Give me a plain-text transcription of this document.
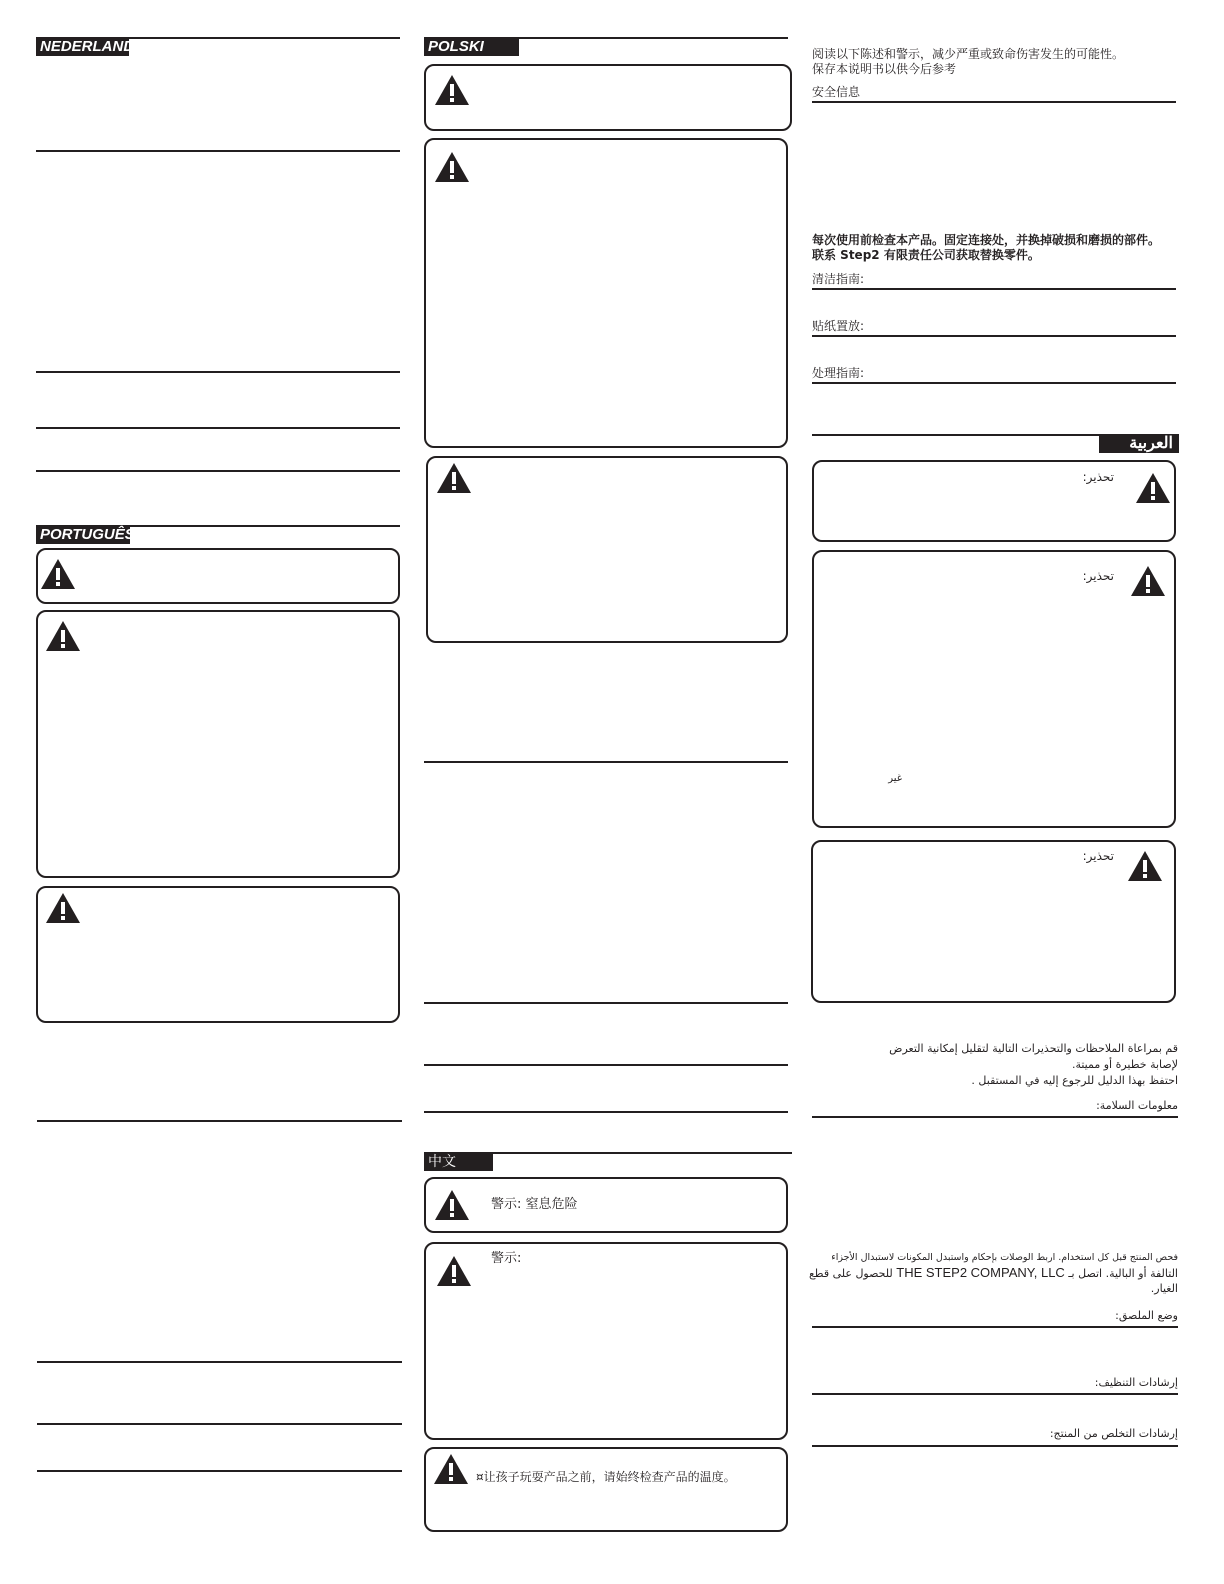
NEDERLANDS
PORTUGUÊS
POLSKI
中文
警示: 窒息危险
警示:
¤让孩子玩耍产品之前，请始终检查产品的温度。
阅读以下陈述和警示，减少严重或致命伤害发生的可能性。
保存本说明书以供今后参考
安全信息
每次使用前检查本产品。固定连接处，并换掉破损和磨损的部件。
联系 Step2 有限责任公司获取替换零件。
清洁指南:
贴纸置放:
处理指南:
العربية
تحذير:
تحذير:
غير
تحذير:
قم بمراعاة الملاحظات والتحذيرات التالية لتقليل إمكانية التعرض
لإصابة خطيرة أو مميتة.
احتفظ بهذا الدليل للرجوع إليه في المستقبل .
معلومات السلامة:
فحص المنتج قبل كل استخدام. اربط الوصلات بإحكام واستبدل المكونات لاستبدال الأجزاء
التالفة أو البالية. اتصل بـ THE STEP2 COMPANY, LLC للحصول على قطع
الغيار.
وضع الملصق:
إرشادات التنظيف:
إرشادات التخلص من المنتج:
